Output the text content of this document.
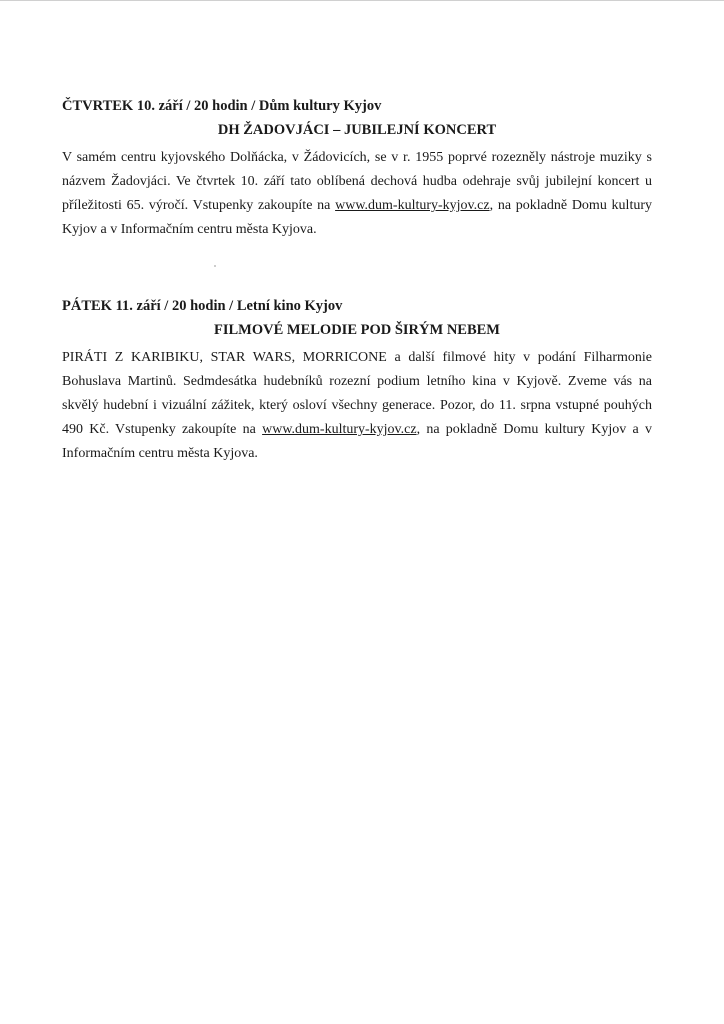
ČTVRTEK 10. září / 20 hodin / Dům kultury Kyjov

DH ŽADOVJÁCI – JUBILEJNÍ KONCERT

V samém centru kyjovského Dolňácka, v Žádovicích, se v r. 1955 poprvé rozezněly nástroje muziky s názvem Žadovjáci. Ve čtvrtek 10. září tato oblíbená dechová hudba odehraje svůj jubilejní koncert u příležitosti 65. výročí. Vstupenky zakoupíte na www.dum-kultury-kyjov.cz, na pokladně Domu kultury Kyjov a v Informačním centru města Kyjova.

PÁTEK 11. září / 20 hodin / Letní kino Kyjov

FILMOVÉ MELODIE POD ŠIRÝM NEBEM

PIRÁTI Z KARIBIKU, STAR WARS, MORRICONE a další filmové hity v podání Filharmonie Bohuslava Martinů. Sedmdesátka hudebníků rozezní podium letního kina v Kyjově. Zveme vás na skvělý hudební i vizuální zážitek, který osloví všechny generace. Pozor, do 11. srpna vstupné pouhých 490 Kč. Vstupenky zakoupíte na www.dum-kultury-kyjov.cz, na pokladně Domu kultury Kyjov a v Informačním centru města Kyjova.
